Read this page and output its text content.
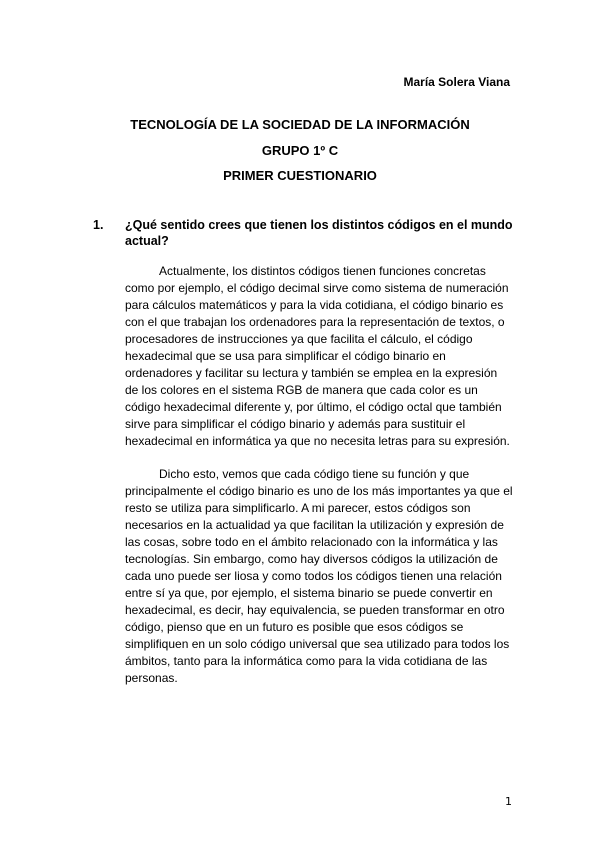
María Solera Viana
TECNOLOGÍA DE LA SOCIEDAD DE LA INFORMACIÓN
GRUPO 1º C
PRIMER CUESTIONARIO
1.	¿Qué sentido crees que tienen los distintos códigos en el mundo actual?

Actualmente, los distintos códigos tienen funciones concretas como por ejemplo, el código decimal sirve como sistema de numeración para cálculos matemáticos y para la vida cotidiana, el código binario es con el que trabajan los ordenadores para la representación de textos, o procesadores de instrucciones ya que facilita el cálculo, el código hexadecimal que se usa para simplificar el código binario en ordenadores y facilitar su lectura y también se emplea en la expresión de los colores en el sistema RGB de manera que cada color es un código hexadecimal diferente y, por último, el código octal que también sirve para simplificar el código binario y además para sustituir el hexadecimal en informática ya que no necesita letras para su expresión.

Dicho esto, vemos que cada código tiene su función y que principalmente el código binario es uno de los más importantes ya que el resto se utiliza para simplificarlo. A mi parecer, estos códigos son necesarios en la actualidad ya que facilitan la utilización y expresión de las cosas, sobre todo en el ámbito relacionado con la informática y las tecnologías. Sin embargo, como hay diversos códigos la utilización de cada uno puede ser liosa y como todos los códigos tienen una relación entre sí ya que, por ejemplo, el sistema binario se puede convertir en hexadecimal, es decir, hay equivalencia, se pueden transformar en otro código, pienso que en un futuro es posible que esos códigos se simplifiquen en un solo código universal que sea utilizado para todos los ámbitos, tanto para la informática como para la vida cotidiana de las personas.

1
